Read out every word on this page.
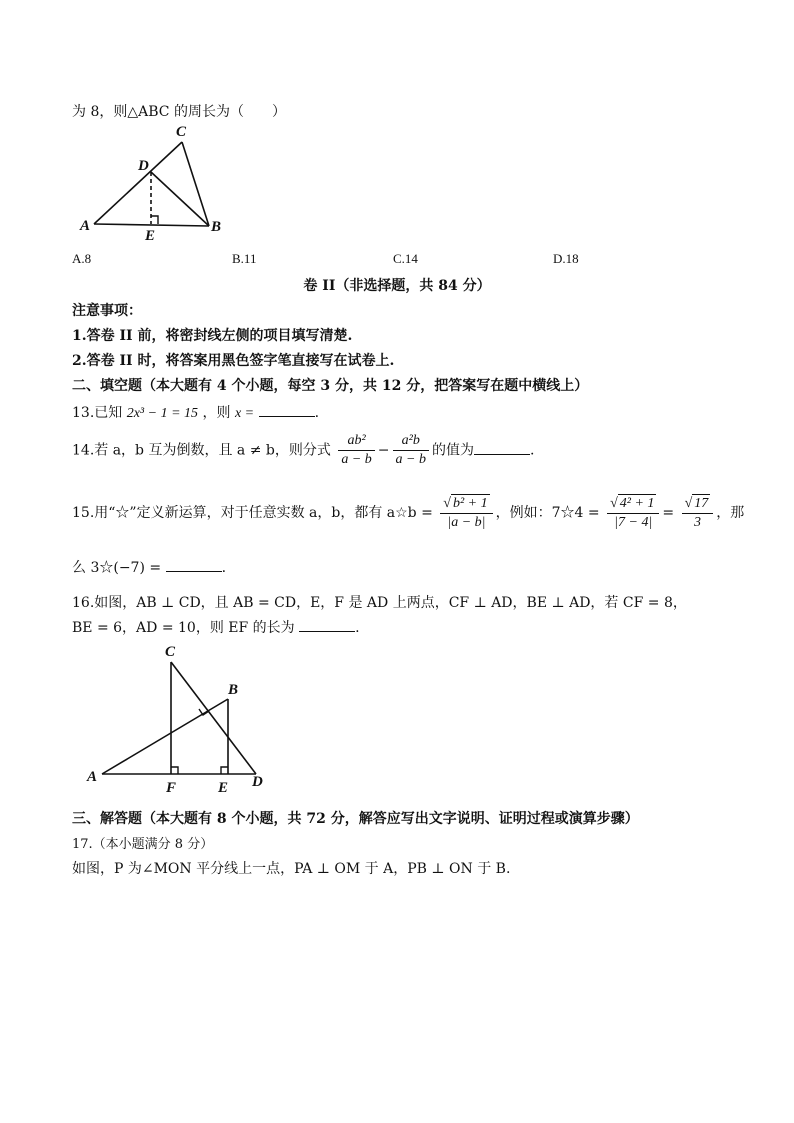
为 8，则△ABC 的周长为（　　）
A	B
C
D
E
A.8	B.11	C.14	D.18
卷 II（非选择题，共 84 分）
注意事项：
1.答卷 II 前，将密封线左侧的项目填写清楚.
2.答卷 II 时，将答案用黑色签字笔直接写在试卷上.
二、填空题（本大题有 4 个小题，每空 3 分，共 12 分，把答案写在题中横线上）
13.已知 2x³ − 1 = 15 ，则 x =	.
14.若 a，b 互为倒数，且 a ≠ b，则分式 $\frac{\text{ab²}}{a - b} - \frac{\text{a²b}}{a - b}$ 的值为	.
15.用“☆”定义新运算，对于任意实数 a，b，都有 a☆b = $\frac{\text{√ b² + 1}}{|a - b|}$ ，例如：7☆4 = $\frac{\text{√ 4² + 1}}{|7 - 4|} = \frac{√ 17}{3}$ ，那
么 3☆(−7) =	.
16.如图，AB ⊥ CD，且 AB = CD，E，F 是 AD 上两点，CF ⊥ AD，BE ⊥ AD，若 CF = 8，
BE = 6，AD = 10，则 EF 的长为	.
A
B
C
D
E
F
三、解答题（本大题有 8 个小题，共 72 分，解答应写出文字说明、证明过程或演算步骤）
17.（本小题满分 8 分）
如图，P 为∠MON 平分线上一点，PA ⊥ OM 于 A，PB ⊥ ON 于 B.
